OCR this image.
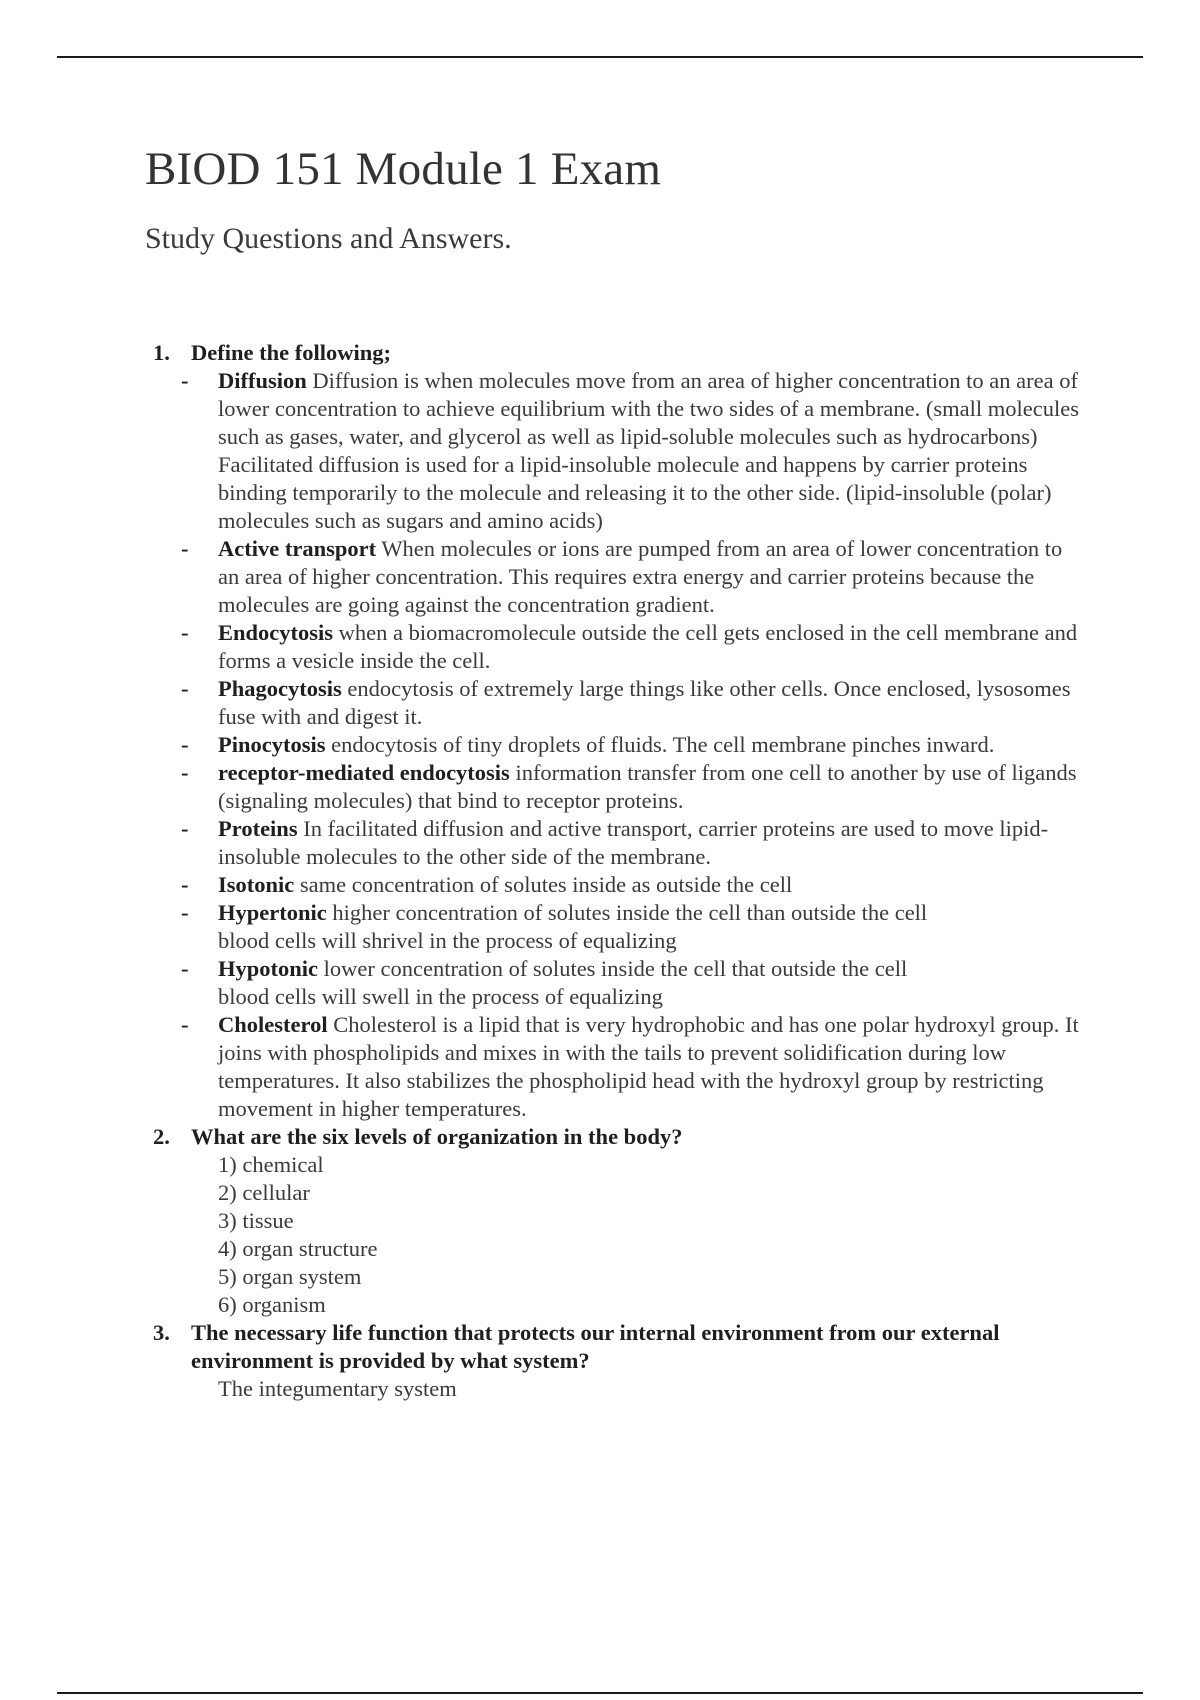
BIOD 151 Module 1 Exam
Study Questions and Answers.
1. Define the following;
- Diffusion Diffusion is when molecules move from an area of higher concentration to an area of lower concentration to achieve equilibrium with the two sides of a membrane. (small molecules such as gases, water, and glycerol as well as lipid-soluble molecules such as hydrocarbons)
Facilitated diffusion is used for a lipid-insoluble molecule and happens by carrier proteins binding temporarily to the molecule and releasing it to the other side. (lipid-insoluble (polar) molecules such as sugars and amino acids)
- Active transport When molecules or ions are pumped from an area of lower concentration to an area of higher concentration. This requires extra energy and carrier proteins because the molecules are going against the concentration gradient.
- Endocytosis when a biomacromolecule outside the cell gets enclosed in the cell membrane and forms a vesicle inside the cell.
- Phagocytosis endocytosis of extremely large things like other cells. Once enclosed, lysosomes fuse with and digest it.
- Pinocytosis endocytosis of tiny droplets of fluids. The cell membrane pinches inward.
- receptor-mediated endocytosis information transfer from one cell to another by use of ligands (signaling molecules) that bind to receptor proteins.
- Proteins In facilitated diffusion and active transport, carrier proteins are used to move lipid-insoluble molecules to the other side of the membrane.
- Isotonic same concentration of solutes inside as outside the cell
- Hypertonic higher concentration of solutes inside the cell than outside the cell
blood cells will shrivel in the process of equalizing
- Hypotonic lower concentration of solutes inside the cell that outside the cell
blood cells will swell in the process of equalizing
- Cholesterol Cholesterol is a lipid that is very hydrophobic and has one polar hydroxyl group. It joins with phospholipids and mixes in with the tails to prevent solidification during low temperatures. It also stabilizes the phospholipid head with the hydroxyl group by restricting movement in higher temperatures.
2. What are the six levels of organization in the body?
1) chemical
2) cellular
3) tissue
4) organ structure
5) organ system
6) organism
3. The necessary life function that protects our internal environment from our external environment is provided by what system?
The integumentary system
